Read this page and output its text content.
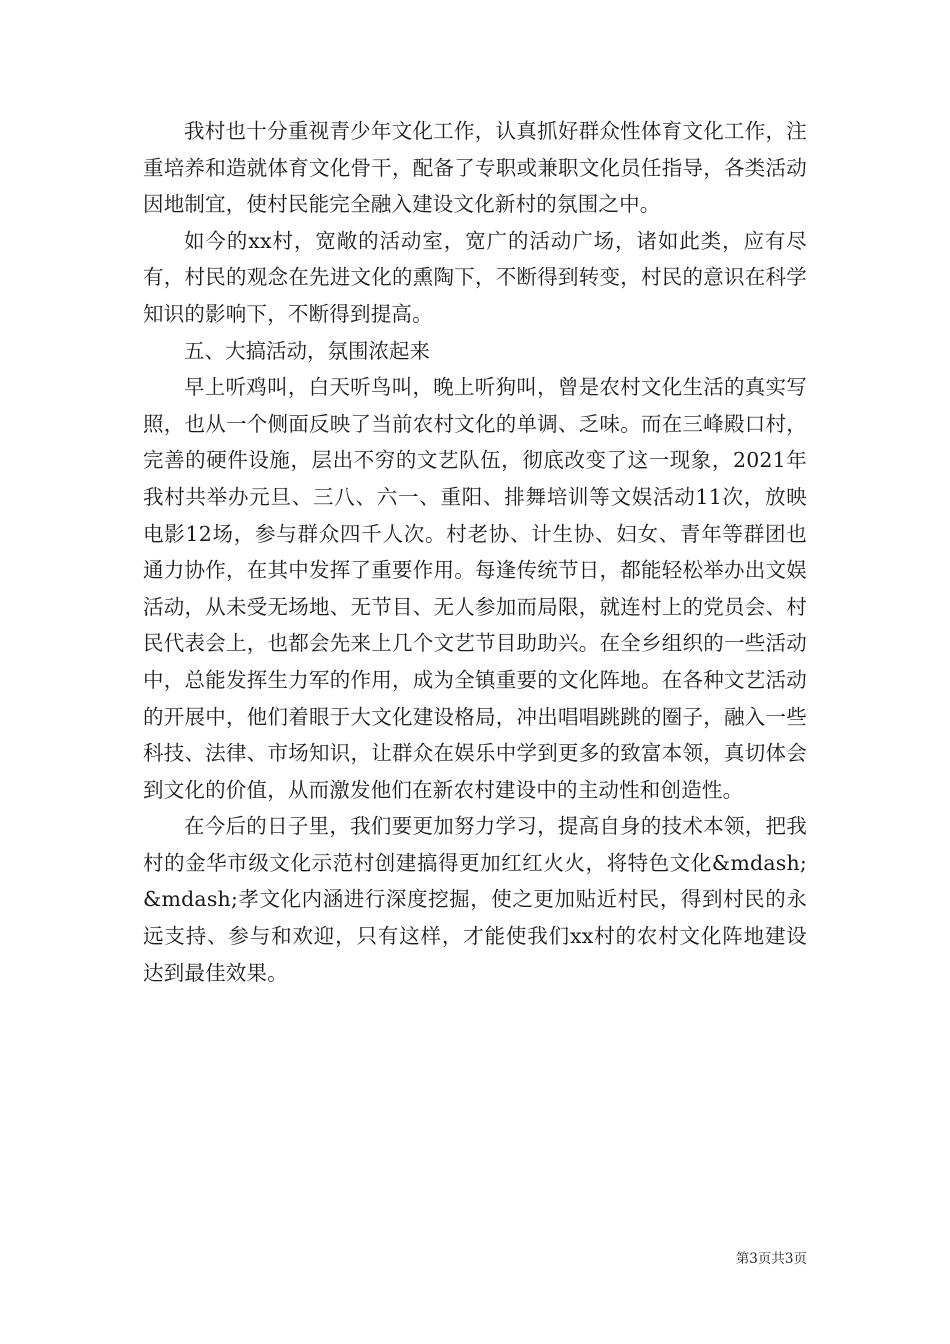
我村也十分重视青少年文化工作，认真抓好群众性体育文化工作，注重培养和造就体育文化骨干，配备了专职或兼职文化员任指导，各类活动因地制宜，使村民能完全融入建设文化新村的氛围之中。

如今的xx村，宽敞的活动室，宽广的活动广场，诸如此类，应有尽有，村民的观念在先进文化的熏陶下，不断得到转变，村民的意识在科学知识的影响下，不断得到提高。

五、大搞活动，氛围浓起来

早上听鸡叫，白天听鸟叫，晚上听狗叫，曾是农村文化生活的真实写照，也从一个侧面反映了当前农村文化的单调、乏味。而在三峰殿口村，完善的硬件设施，层出不穷的文艺队伍，彻底改变了这一现象，2021年我村共举办元旦、三八、六一、重阳、排舞培训等文娱活动11次，放映电影12场，参与群众四千人次。村老协、计生协、妇女、青年等群团也通力协作，在其中发挥了重要作用。每逢传统节日，都能轻松举办出文娱活动，从未受无场地、无节目、无人参加而局限，就连村上的党员会、村民代表会上，也都会先来上几个文艺节目助助兴。在全乡组织的一些活动中，总能发挥生力军的作用，成为全镇重要的文化阵地。在各种文艺活动的开展中，他们着眼于大文化建设格局，冲出唱唱跳跳的圈子，融入一些科技、法律、市场知识，让群众在娱乐中学到更多的致富本领，真切体会到文化的价值，从而激发他们在新农村建设中的主动性和创造性。

在今后的日子里，我们要更加努力学习，提高自身的技术本领，把我村的金华市级文化示范村创建搞得更加红红火火，将特色文化&mdash;&mdash;孝文化内涵进行深度挖掘，使之更加贴近村民，得到村民的永远支持、参与和欢迎，只有这样，才能使我们xx村的农村文化阵地建设达到最佳效果。

第3页共3页
